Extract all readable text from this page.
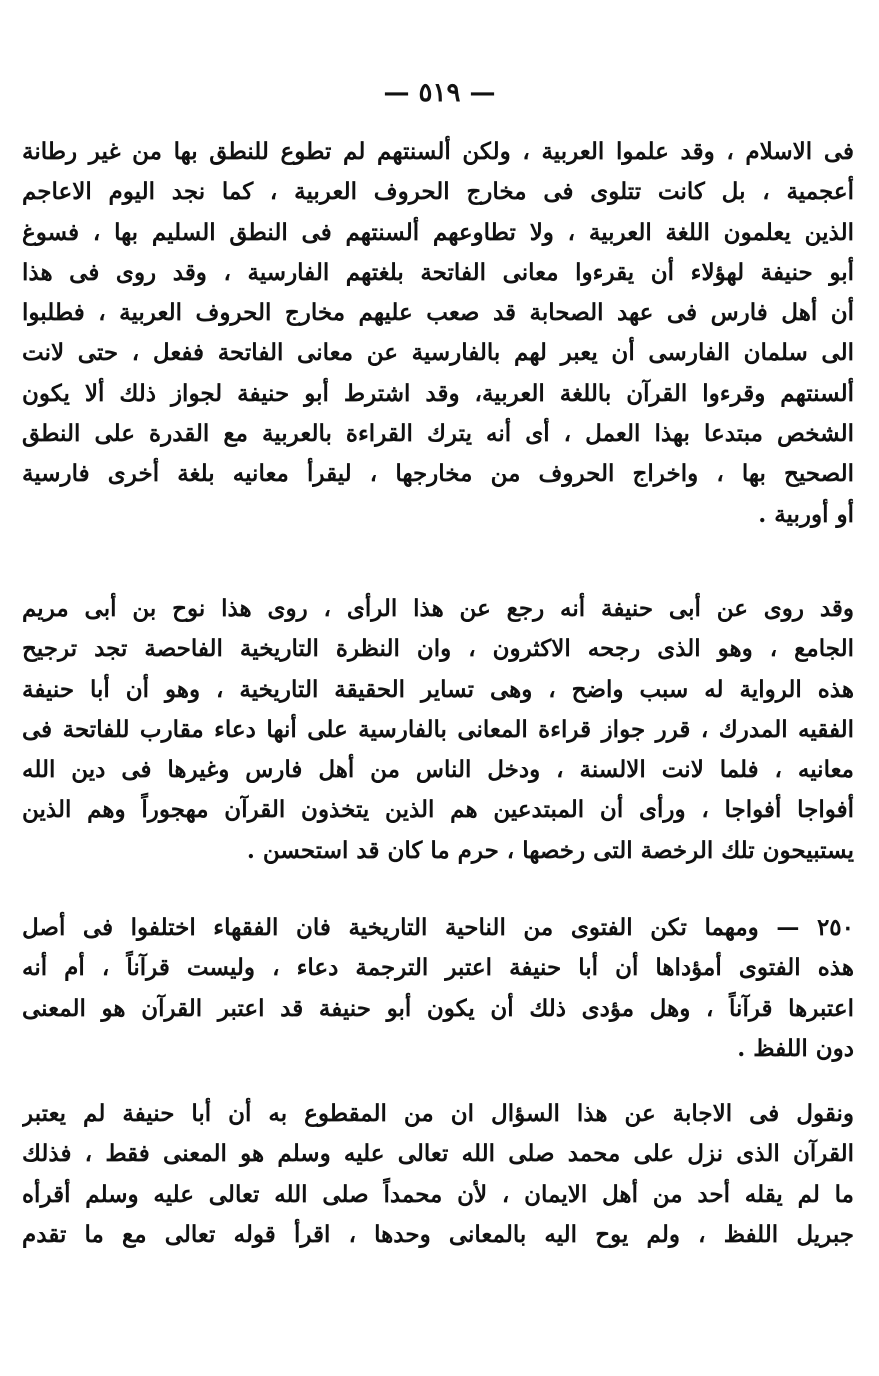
— ٥١٩ —
فى الاسلام ، وقد علموا العربية ، ولكن ألسنتهم لم تطوع للنطق بها من غير رطانة
أعجمية ، بل كانت تتلوى فى مخارج الحروف العربية ، كما نجد اليوم الاعاجم
الذين يعلمون اللغة العربية ، ولا تطاوعهم ألسنتهم فى النطق السليم بها ، فسوغ
أبو حنيفة لهؤلاء أن يقرءوا معانى الفاتحة بلغتهم الفارسية ، وقد روى فى هذا
أن أهل فارس فى عهد الصحابة قد صعب عليهم مخارج الحروف العربية ، فطلبوا
الى سلمان الفارسى أن يعبر لهم بالفارسية عن معانى الفاتحة ففعل ، حتى لانت
ألسنتهم وقرءوا القرآن باللغة العربية، وقد اشترط أبو حنيفة لجواز ذلك ألا يكون
الشخص مبتدعا بهذا العمل ، أى أنه يترك القراءة بالعربية مع القدرة على النطق
الصحيح بها ، واخراج الحروف من مخارجها ، ليقرأ معانيه بلغة أخرى فارسية
أو أوربية .
وقد روى عن أبى حنيفة أنه رجع عن هذا الرأى ، روى هذا نوح بن أبى مريم
الجامع ، وهو الذى رجحه الاكثرون ، وان النظرة التاريخية الفاحصة تجد ترجيح
هذه الرواية له سبب واضح ، وهى تساير الحقيقة التاريخية ، وهو أن أبا حنيفة
الفقيه المدرك ، قرر جواز قراءة المعانى بالفارسية على أنها دعاء مقارب للفاتحة فى
معانيه ، فلما لانت الالسنة ، ودخل الناس من أهل فارس وغيرها فى دين الله
أفواجا أفواجا ، ورأى أن المبتدعين هم الذين يتخذون القرآن مهجوراً وهم الذين
يستبيحون تلك الرخصة التى رخصها ، حرم ما كان قد استحسن .
٢٥٠ — ومهما تكن الفتوى من الناحية التاريخية فان الفقهاء اختلفوا فى أصل
هذه الفتوى أمؤداها أن أبا حنيفة اعتبر الترجمة دعاء ، وليست قرآناً ، أم أنه
اعتبرها قرآناً ، وهل مؤدى ذلك أن يكون أبو حنيفة قد اعتبر القرآن هو المعنى
دون اللفظ .
ونقول فى الاجابة عن هذا السؤال ان من المقطوع به أن أبا حنيفة لم يعتبر
القرآن الذى نزل على محمد صلى الله تعالى عليه وسلم هو المعنى فقط ، فذلك
ما لم يقله أحد من أهل الايمان ، لأن محمداً صلى الله تعالى عليه وسلم أقرأه
جبريل اللفظ ، ولم يوح اليه بالمعانى وحدها ، اقرأ قوله تعالى مع ما تقدم
